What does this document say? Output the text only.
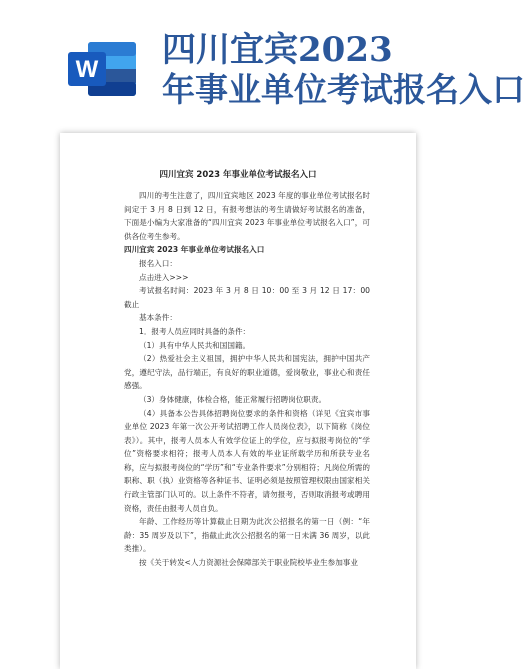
W 四川宜宾2023
年事业单位考试报名入口
四川宜宾 2023 年事业单位考试报名入口

四川的考生注意了，四川宜宾地区 2023 年度的事业单位考试报名时间定于 3 月 8 日到 12 日，有报考想法的考生请做好考试报名的准备，下面是小编为大家准备的“四川宜宾 2023 年事业单位考试报名入口”，可供各位考生参考。

四川宜宾 2023 年事业单位考试报名入口

报名入口：

点击进入>>>

考试报名时间：2023 年 3 月 8 日 10：00 至 3 月 12 日 17：00 截止

基本条件：

1．报考人员应同时具备的条件：

（1）具有中华人民共和国国籍。

（2）热爱社会主义祖国，拥护中华人民共和国宪法，拥护中国共产党，遵纪守法，品行端正，有良好的职业道德，爱岗敬业，事业心和责任感强。

（3）身体健康，体检合格，能正常履行招聘岗位职责。

（4）具备本公告具体招聘岗位要求的条件和资格（详见《宜宾市事业单位 2023 年第一次公开考试招聘工作人员岗位表》，以下简称《岗位表》）。其中，报考人员本人有效学位证上的学位，应与拟报考岗位的“学位”资格要求相符；报考人员本人有效的毕业证所载学历和所获专业名称，应与拟报考岗位的“学历”和“专业条件要求”分别相符；凡岗位所需的职称、职（执）业资格等各种证书、证明必须是按照管理权限由国家相关行政主管部门认可的。以上条件不符者，请勿报考，否则取消报考或聘用资格，责任由报考人员自负。

年龄、工作经历等计算截止日期为此次公招报名的第一日（例：“年龄：35 周岁及以下”，指截止此次公招报名的第一日未满 36 周岁，以此类推）。

按《关于转发<人力资源社会保障部关于职业院校毕业生参加事业
